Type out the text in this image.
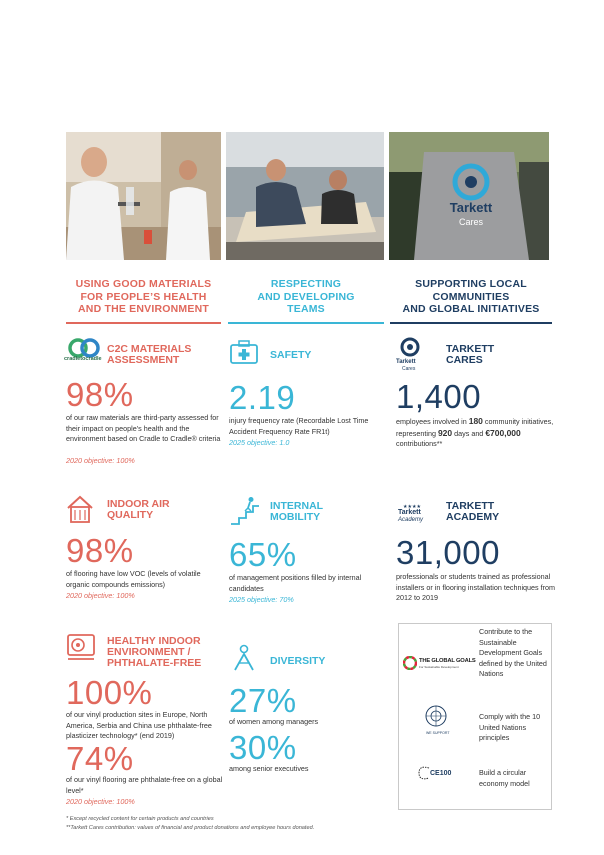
Tarkett
Cares
USING GOOD MATERIALS
FOR PEOPLE’S HEALTH
AND THE ENVIRONMENT
RESPECTING
AND DEVELOPING
TEAMS
SUPPORTING LOCAL
COMMUNITIES
AND GLOBAL INITIATIVES
cradletocradle
C2C MATERIALS
ASSESSMENT
98%
of our raw materials are third-party assessed for their impact on people’s health and the environment based on Cradle to Cradle® criteria
2020 objective: 100%
INDOOR AIR
QUALITY
98%
of flooring have low VOC (levels of volatile organic compounds emissions)
2020 objective: 100%
HEALTHY INDOOR
ENVIRONMENT /
PHTHALATE-FREE
100%
of our vinyl production sites in Europe, North America, Serbia and China use phthalate-free plasticizer technology* (end 2019)
74%
of our vinyl flooring are phthalate-free on a global level*
2020 objective: 100%
SAFETY
2.19
injury frequency rate (Recordable Lost Time Accident Frequency Rate FR1t)
2025 objective: 1.0
INTERNAL
MOBILITY
65%
of management positions filled by internal candidates
2025 objective: 70%
DIVERSITY
27%
of women among managers
30%
among senior executives
Tarkett
Cares
TARKETT
CARES
1,400
employees involved in 180 community initiatives, representing 920 days and €700,000 contributions**
★★★★
Tarkett
Academy
TARKETT
ACADEMY
31,000
professionals or students trained as professional installers or in flooring installation techniques from 2012 to 2019
THE GLOBAL GOALS
For Sustainable Development
Contribute to the Sustainable Development Goals defined by the United Nations
WE SUPPORT
Comply with the 10 United Nations principles
CE100	Build a circular economy model
* Except recycled content for certain products and countries
**Tarkett Cares contribution: values of financial and product donations and employee hours donated.
